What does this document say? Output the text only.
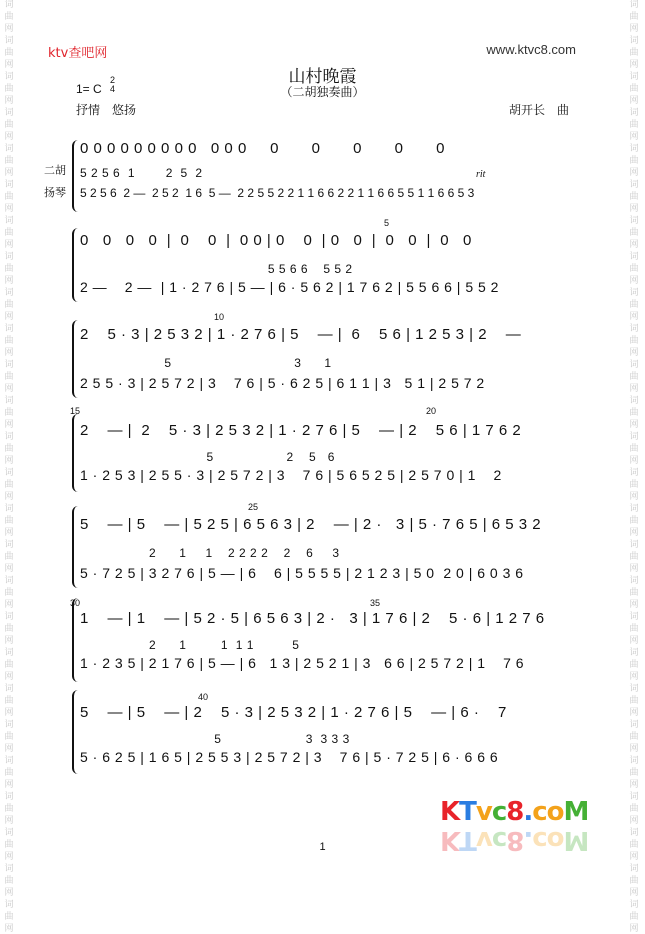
词
曲
网
词
曲
网
词
曲
网
词
曲
网
词
曲
网
词
曲
网
词
曲
网
词
曲
网
词
曲
网
词
曲
网
词
曲
网
词
曲
网
词
曲
网
词
曲
网
词
曲
网
词
曲
网
词
曲
网
词
曲
网
词
曲
网
词
曲
网
词
曲
网
词
曲
网
词
曲
网
词
曲
网
词
曲
网
词
曲
网
词
曲
网
词
曲
网
词
曲
网
词
曲
网
词
曲
网
词
曲
网
词
曲
网
词
曲
网
词
曲
网
词
曲
网
词
曲
网
词
曲
网
词
曲
网
词
曲
网
词
曲
网
词
曲
网
词
曲
网
词
曲
网
词
曲
网
词
曲
网
词
曲
网
词
曲
网
词
曲
网
词
曲
网
词
曲
网
词
曲
网
ktv查吧网	www.ktvc8.com
山村晚霞
（二胡独奏曲）
1= C
2
4
抒情　悠扬	胡开长　曲
二胡
扬琴
rit
0 0 0 0 0 0 0 0 0   0 0 0     0       0       0       0       0
5 2 5 6  1        2  5  2
5 2 5 6  2 —  2 5 2  1 6  5 —  2 2 5 5 2 2 1 1 6 6 2 2 1 1 6 6 5 5 1 1 6 6 5 3
5
0   0   0   0  |  0    0  |  0 0 | 0    0  | 0   0  |  0   0  |  0   0
5 5 6 6    5 5 2
2 —    2 —  | 1 · 2 7 6 | 5 — | 6 · 5 6 2 | 1 7 6 2 | 5 5 6 6 | 5 5 2
10
2    5 · 3 | 2 5 3 2 | 1 · 2 7 6 | 5    — |  6    5 6 | 1 2 5 3 | 2    —
5                                3      1
2 5 5 · 3 | 2 5 7 2 | 3    7 6 | 5 · 6 2 5 | 6 1 1 | 3   5 1 | 2 5 7 2
15	20
2    — |  2    5 · 3 | 2 5 3 2 | 1 · 2 7 6 | 5    — | 2    5 6 | 1 7 6 2
5                   2    5   6
1 · 2 5 3 | 2 5 5 · 3 | 2 5 7 2 | 3    7 6 | 5 6 5 2 5 | 2 5 7 0 | 1    2
25
5    — | 5    — | 5 2 5 | 6 5 6 3 | 2    — | 2 ·   3 | 5 · 7 6 5 | 6 5 3 2
2      1     1    2 2 2 2    2    6     3
5 · 7 2 5 | 3 2 7 6 | 5 — | 6    6 | 5 5 5 5 | 2 1 2 3 | 5 0  2 0 | 6 0 3 6
30	35
1    — | 1    — | 5 2 · 5 | 6 5 6 3 | 2 ·   3 | 1 7 6 | 2    5 · 6 | 1 2 7 6
2      1         1  1 1          5
1 · 2 3 5 | 2 1 7 6 | 5 — | 6   1 3 | 2 5 2 1 | 3   6 6 | 2 5 7 2 | 1    7 6
40
5    — | 5    — | 2    5 · 3 | 2 5 3 2 | 1 · 2 7 6 | 5    — | 6 ·    7
5                      3  3 3 3
5 · 6 2 5 | 1 6 5 | 2 5 5 3 | 2 5 7 2 | 3    7 6 | 5 · 7 2 5 | 6 · 6 6 6
1
KTvc8.coM
KTvc8.coM
